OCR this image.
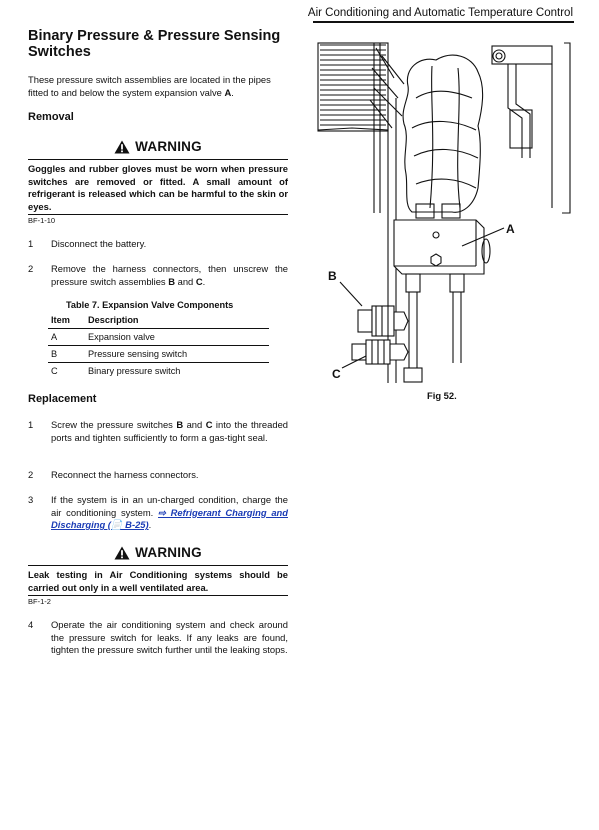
Air Conditioning and Automatic Temperature Control
Binary Pressure & Pressure Sensing Switches
These pressure switch assemblies are located in the pipes fitted to and below the system expansion valve A.
Removal
WARNING
Goggles and rubber gloves must be worn when pressure switches are removed or fitted. A small amount of refrigerant is released which can be harmful to the skin or eyes.
BF-1-10
1 Disconnect the battery.
2 Remove the harness connectors, then unscrew the pressure switch assemblies B and C.
Table 7. Expansion Valve Components
Item	Description
A	Expansion valve
B	Pressure sensing switch
C	Binary pressure switch
Replacement
1 Screw the pressure switches B and C into the threaded ports and tighten sufficiently to form a gas-tight seal.
2 Reconnect the harness connectors.
3 If the system is in an un-charged condition, charge the air conditioning system. ⇨ Refrigerant Charging and Discharging (📄 B-25).
WARNING
Leak testing in Air Conditioning systems should be carried out only in a well ventilated area.
BF-1-2
4 Operate the air conditioning system and check around the pressure switch for leaks. If any leaks are found, tighten the pressure switch further until the leaking stops.
A
B
C
Fig 52.
